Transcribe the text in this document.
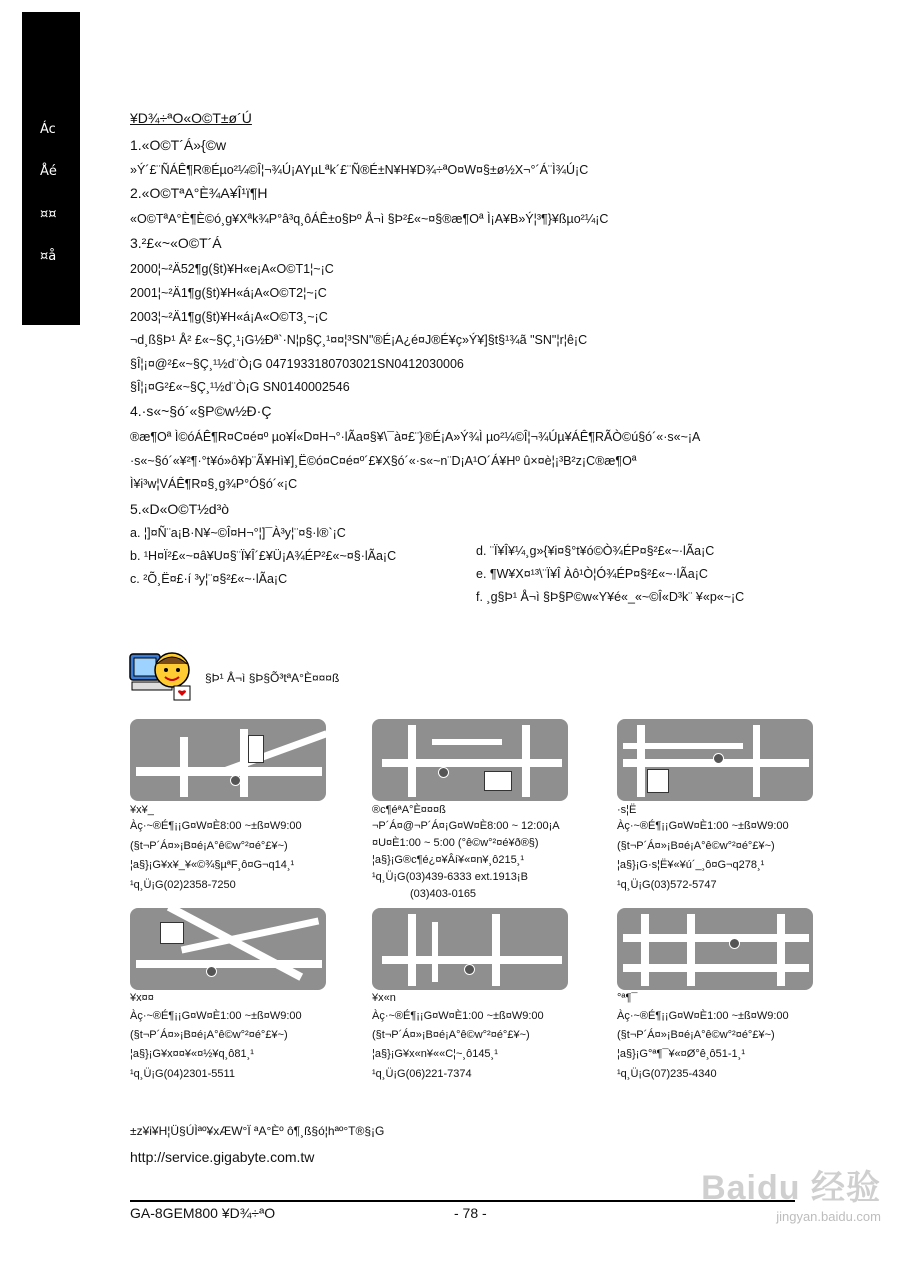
Ác
Åé
¤¤
¤å
¥D¾÷ªO«O©T±ø´Ú
1.«O©T´Á»{©w
»Ý´£¨ÑÁÊ¶R®Éµo²¼©Î¦¬¾Ú¡AYµLªk´£¨Ñ®É±N¥H¥D¾÷ªO¤W¤§±ø½X¬°´Á¨Ì¾Ú¡C
2.«O©TªA°È¾A¥Î¹ï¶H
«O©TªA°È¶È©ó¸g¥Xªk¾P°â³q¸ôÁÊ±o§Þº Å¬ì §Þ²£«~¤§®æ¶Oª Ì¡A¥B»Ý¦³¶}¥ßµo²¼¡C
3.²£«~«O©T´Á
2000¦~²Ä52¶g(§t)¥H«e¡A«O©T1¦~¡C
2001¦~²Ä1¶g(§t)¥H«á¡A«O©T2¦~¡C
2003¦~²Ä1¶g(§t)¥H«á¡A«O©T3¸~¡C
¬d¸ß§Þ¹ Å² £«~§Ç¸¹¡G½Ðª`·N¦p§Ç¸¹¤¤¦³SN"®É¡A¿é¤J®É¥ç»Ý¥]§t§¹¾ã "SN"¦r¦ê¡C
§Î¦¡¤@²£«~§Ç¸¹½d¨Ò¡G 0471933180703021SN0412030006
§Î¦¡¤G²£«~§Ç¸¹½d¨Ò¡G SN0140002546
4.·s«~§ó´«§P©w½Ð·Ç
®æ¶Oª Ì©óÁÊ¶R¤C¤é¤º µo¥Í«D¤H¬°·lÃa¤§¥\¯à¤£¨}®É¡A»Ý¾Ì µo²¼©Î¦¬¾Úµ¥ÁÊ¶RÃÒ©ú§ó´«·s«~¡A
·s«~§ó´«¥²¶·°t¥ó»ô¥þ¨Ã¥Hì¥]¸Ë©ó¤C¤é¤º´£¥X§ó´«·s«~n¨D¡A¹O´Á¥Hº û×¤è¦¡³B²z¡C®æ¶Oª
Ì¥i³w¦VÁÊ¶R¤§¸g¾P°Ó§ó´«¡C
5.«D«O©T½d³ò
a. ¦]¤Ñ¨a¡B·N¥~©Î¤H¬°¦]¯À³y¦¨¤§·l®`¡C
b. ¹H¤Ï²£«~¤â¥U¤§¨Ï¥Î´£¥Ü¡A¾ÉP²£«~¤§·lÃa¡C
c. ²Õ¸Ë¤£·í ³y¦¨¤§²£«~·lÃa¡C
d. ¨Ï¥Î¥¼¸g»{¥i¤§°t¥ó©Ò¾ÉP¤§²£«~·lÃa¡C
e. ¶W¥X¤¹³\¨Ï¥Î Àô¹Ò¦Ó¾ÉP¤§²£«~·lÃa¡C
f. ¸g§Þ¹ Å¬ì §Þ§P©w«Y¥é«_«~©Î«D³k¨ ¥«p«~¡C
§Þ¹ Å¬ì §Þ§Õ³tªA°È¤¤¤ß
¥x¥_
Àç·~®É¶¡¡G¤W¤È8:00 ~±ß¤W9:00
(§t¬P´Á¤»¡B¤é¡A°ê©w°²¤é°£¥~)
¦a§}¡G¥x¥_¥«©¾§µªF¸ô¤G¬q14¸¹
¹q¸Ü¡G(02)2358-7250
®c¶éªA°È¤¤¤ß
¬P´Á¤@¬P´Á¤¡G¤W¤È8:00 ~ 12:00¡A
¤U¤È1:00 ~ 5:00 (°ê©w°²¤é¥ð®§)
¦a§}¡G®c¶é¿¤¥Âí¥«¤n¥¸ô215¸¹
¹q¸Ü¡G(03)439-6333 ext.1913¡B
(03)403-0165
·s¦Ë
Àç·~®É¶¡¡G¤W¤È1:00 ~±ß¤W9:00
(§t¬P´Á¤»¡B¤é¡A°ê©w°²¤é°£¥~)
¦a§}¡G·s¦Ë¥«¥ú´_¸ô¤G¬q278¸¹
¹q¸Ü¡G(03)572-5747
¥x¤¤
Àç·~®É¶¡¡G¤W¤È1:00 ~±ß¤W9:00
(§t¬P´Á¤»¡B¤é¡A°ê©w°²¤é°£¥~)
¦a§}¡G¥x¤¤¥«¤½¥q¸ô81¸¹
¹q¸Ü¡G(04)2301-5511
¥x«n
Àç·~®É¶¡¡G¤W¤È1:00 ~±ß¤W9:00
(§t¬P´Á¤»¡B¤é¡A°ê©w°²¤é°£¥~)
¦a§}¡G¥x«n¥««C¦~¸ô145¸¹
¹q¸Ü¡G(06)221-7374
°ª¶¯
Àç·~®É¶¡¡G¤W¤È1:00 ~±ß¤W9:00
(§t¬P´Á¤»¡B¤é¡A°ê©w°²¤é°£¥~)
¦a§}¡G°ª¶¯¥«¤Ø°ê¸ô51-1¸¹
¹q¸Ü¡G(07)235-4340
±z¥i¥H¦Ü§ÚÌªº¥xÆW°Ï ªA°Èº ô¶¸ß§ó¦hªº°T®§¡G
http://service.gigabyte.com.tw
GA-8GEM800 ¥D¾÷ªO	- 78 -
Baidu 经验
jingyan.baidu.com
